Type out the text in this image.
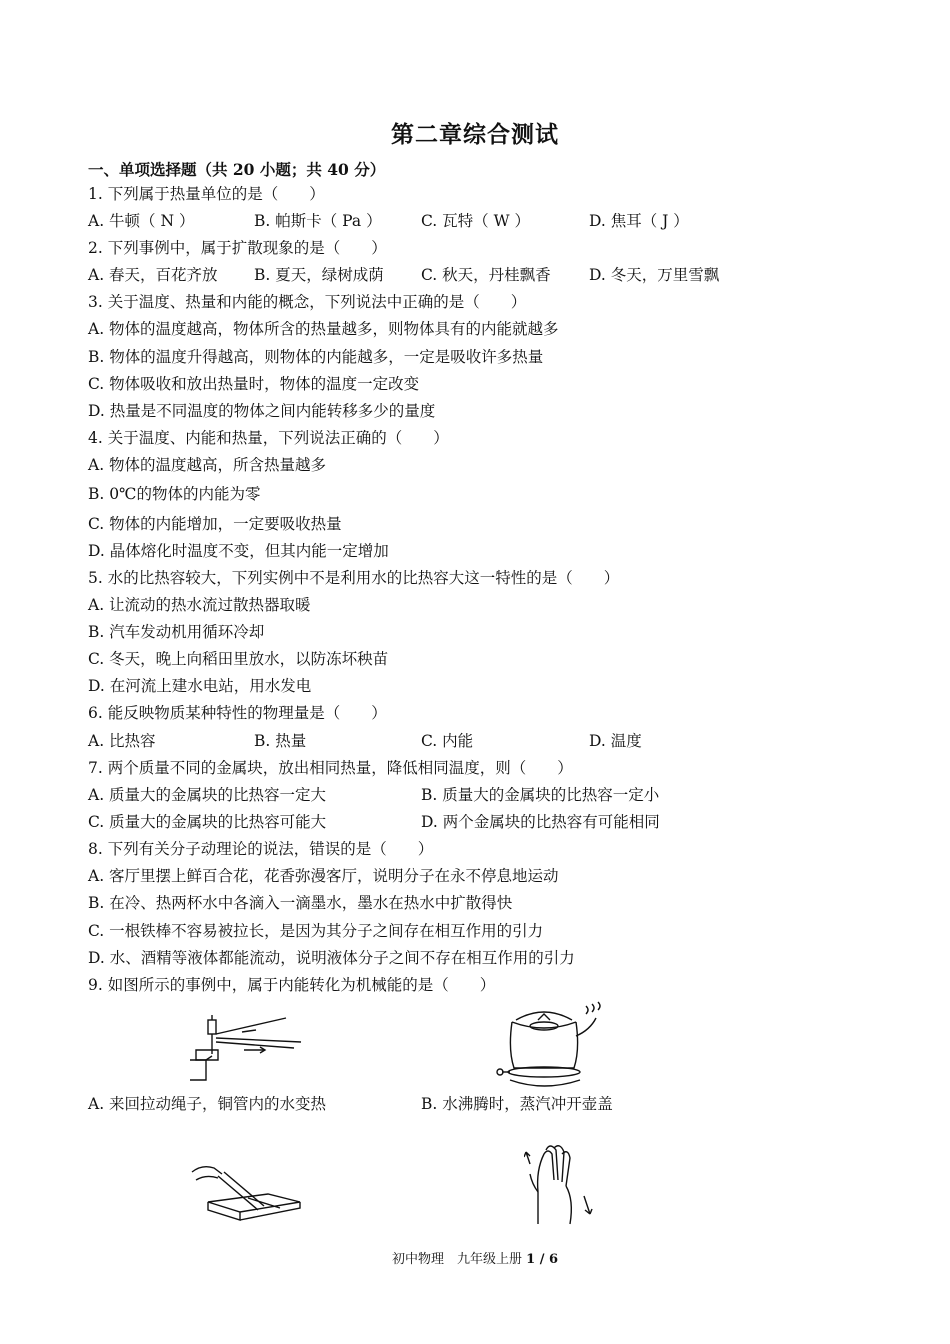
第二章综合测试
一、单项选择题（共 20 小题；共 40 分）
1. 下列属于热量单位的是（　　）
A. 牛顿（ N ）	B. 帕斯卡（ Pa ）	C. 瓦特（ W ）	D. 焦耳（ J ）
2. 下列事例中，属于扩散现象的是（　　）
A. 春天，百花齐放 B. 夏天，绿树成荫 C. 秋天，丹桂飘香 D. 冬天，万里雪飘
3. 关于温度、热量和内能的概念，下列说法中正确的是（　　）
A. 物体的温度越高，物体所含的热量越多，则物体具有的内能就越多
B. 物体的温度升得越高，则物体的内能越多，一定是吸收许多热量
C. 物体吸收和放出热量时，物体的温度一定改变
D. 热量是不同温度的物体之间内能转移多少的量度
4. 关于温度、内能和热量，下列说法正确的（　　）
A. 物体的温度越高，所含热量越多
B. 0℃的物体的内能为零
C. 物体的内能增加，一定要吸收热量
D. 晶体熔化时温度不变，但其内能一定增加
5. 水的比热容较大，下列实例中不是利用水的比热容大这一特性的是（　　）
A. 让流动的热水流过散热器取暖
B. 汽车发动机用循环冷却
C. 冬天，晚上向稻田里放水，以防冻坏秧苗
D. 在河流上建水电站，用水发电
6. 能反映物质某种特性的物理量是（　　）
A. 比热容	B. 热量	C. 内能	D. 温度
7. 两个质量不同的金属块，放出相同热量，降低相同温度，则（　　）
A. 质量大的金属块的比热容一定大	B. 质量大的金属块的比热容一定小
C. 质量大的金属块的比热容可能大	D. 两个金属块的比热容有可能相同
8. 下列有关分子动理论的说法，错误的是（　　）
A. 客厅里摆上鲜百合花，花香弥漫客厅，说明分子在永不停息地运动
B. 在冷、热两杯水中各滴入一滴墨水，墨水在热水中扩散得快
C. 一根铁棒不容易被拉长，是因为其分子之间存在相互作用的引力
D. 水、酒精等液体都能流动，说明液体分子之间不存在相互作用的引力
9. 如图所示的事例中，属于内能转化为机械能的是（　　）
A. 来回拉动绳子，铜管内的水变热	B. 水沸腾时，蒸汽冲开壶盖
初中物理　九年级上册 1 / 6
